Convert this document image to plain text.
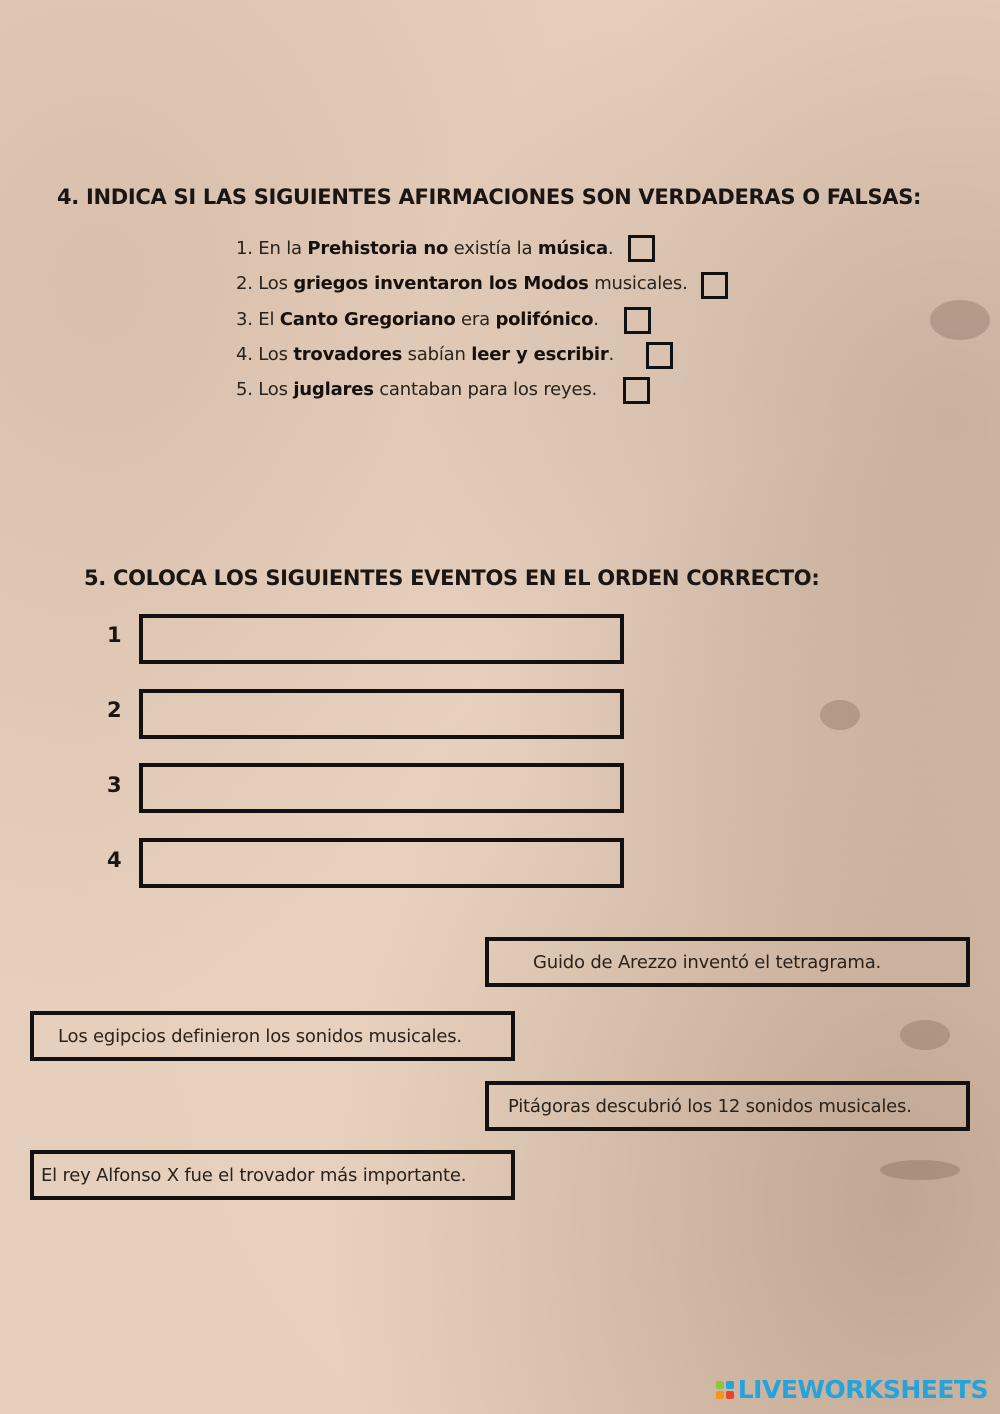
4. INDICA SI LAS SIGUIENTES AFIRMACIONES SON VERDADERAS O FALSAS:
1. En la Prehistoria no existía la música.
2. Los griegos inventaron los Modos musicales.
3. El Canto Gregoriano era polifónico.
4. Los trovadores sabían leer y escribir.
5. Los juglares cantaban para los reyes.
5. COLOCA LOS SIGUIENTES EVENTOS EN EL ORDEN CORRECTO:
1
2
3
4
Guido de Arezzo inventó el tetragrama.
Los egipcios definieron los sonidos musicales.
Pitágoras descubrió los 12 sonidos musicales.
El rey Alfonso X fue el trovador más importante.
LIVEWORKSHEETS
